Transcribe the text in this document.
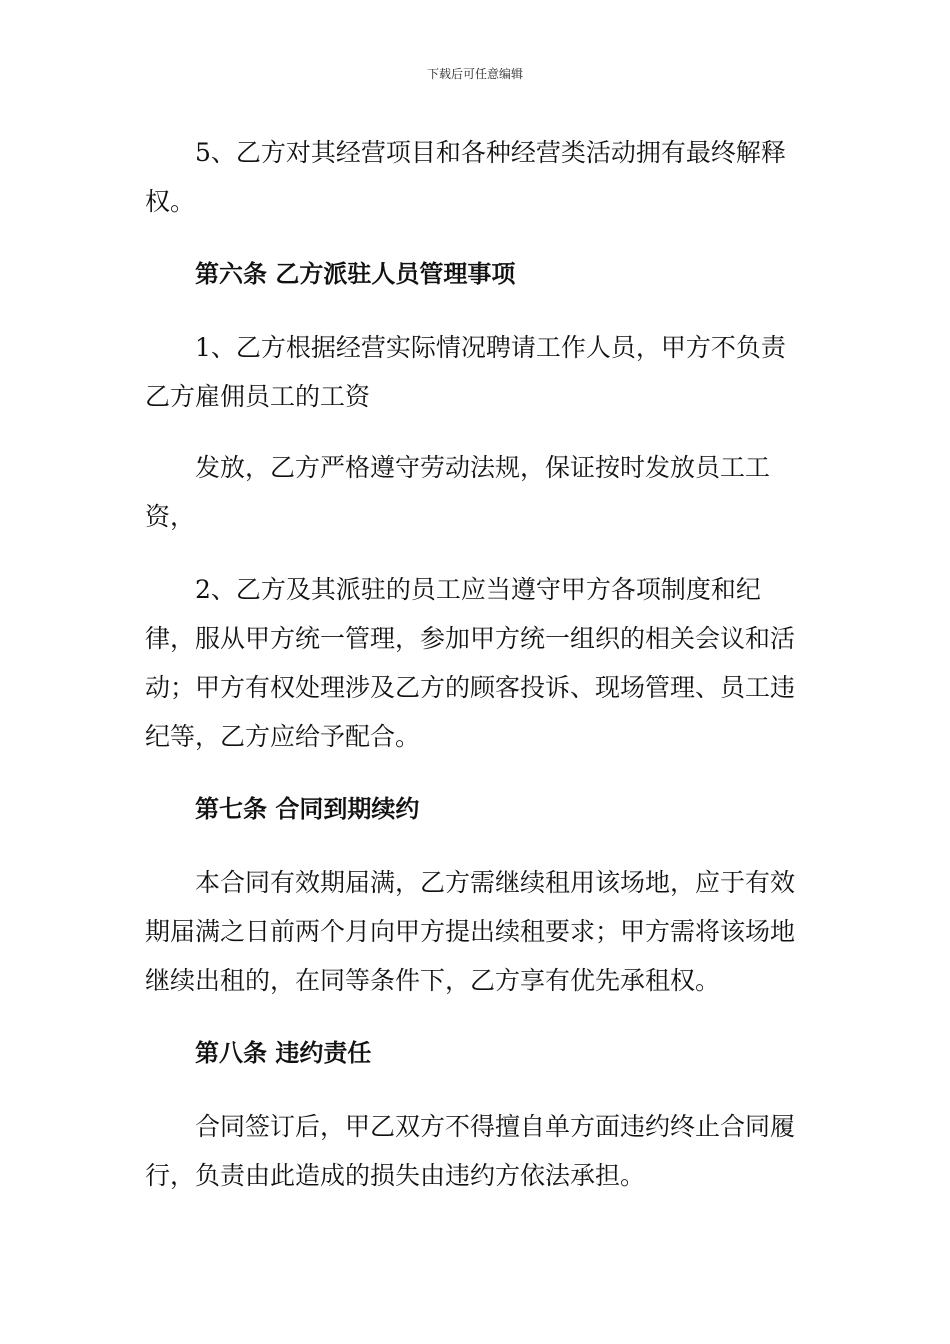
下载后可任意编辑

5、乙方对其经营项目和各种经营类活动拥有最终解释权。

第六条 乙方派驻人员管理事项

1、乙方根据经营实际情况聘请工作人员，甲方不负责乙方雇佣员工的工资

发放，乙方严格遵守劳动法规，保证按时发放员工工资，

2、乙方及其派驻的员工应当遵守甲方各项制度和纪律，服从甲方统一管理，参加甲方统一组织的相关会议和活动；甲方有权处理涉及乙方的顾客投诉、现场管理、员工违纪等，乙方应给予配合。

第七条 合同到期续约

本合同有效期届满，乙方需继续租用该场地，应于有效期届满之日前两个月向甲方提出续租要求；甲方需将该场地继续出租的，在同等条件下，乙方享有优先承租权。

第八条 违约责任

合同签订后，甲乙双方不得擅自单方面违约终止合同履行，负责由此造成的损失由违约方依法承担。
